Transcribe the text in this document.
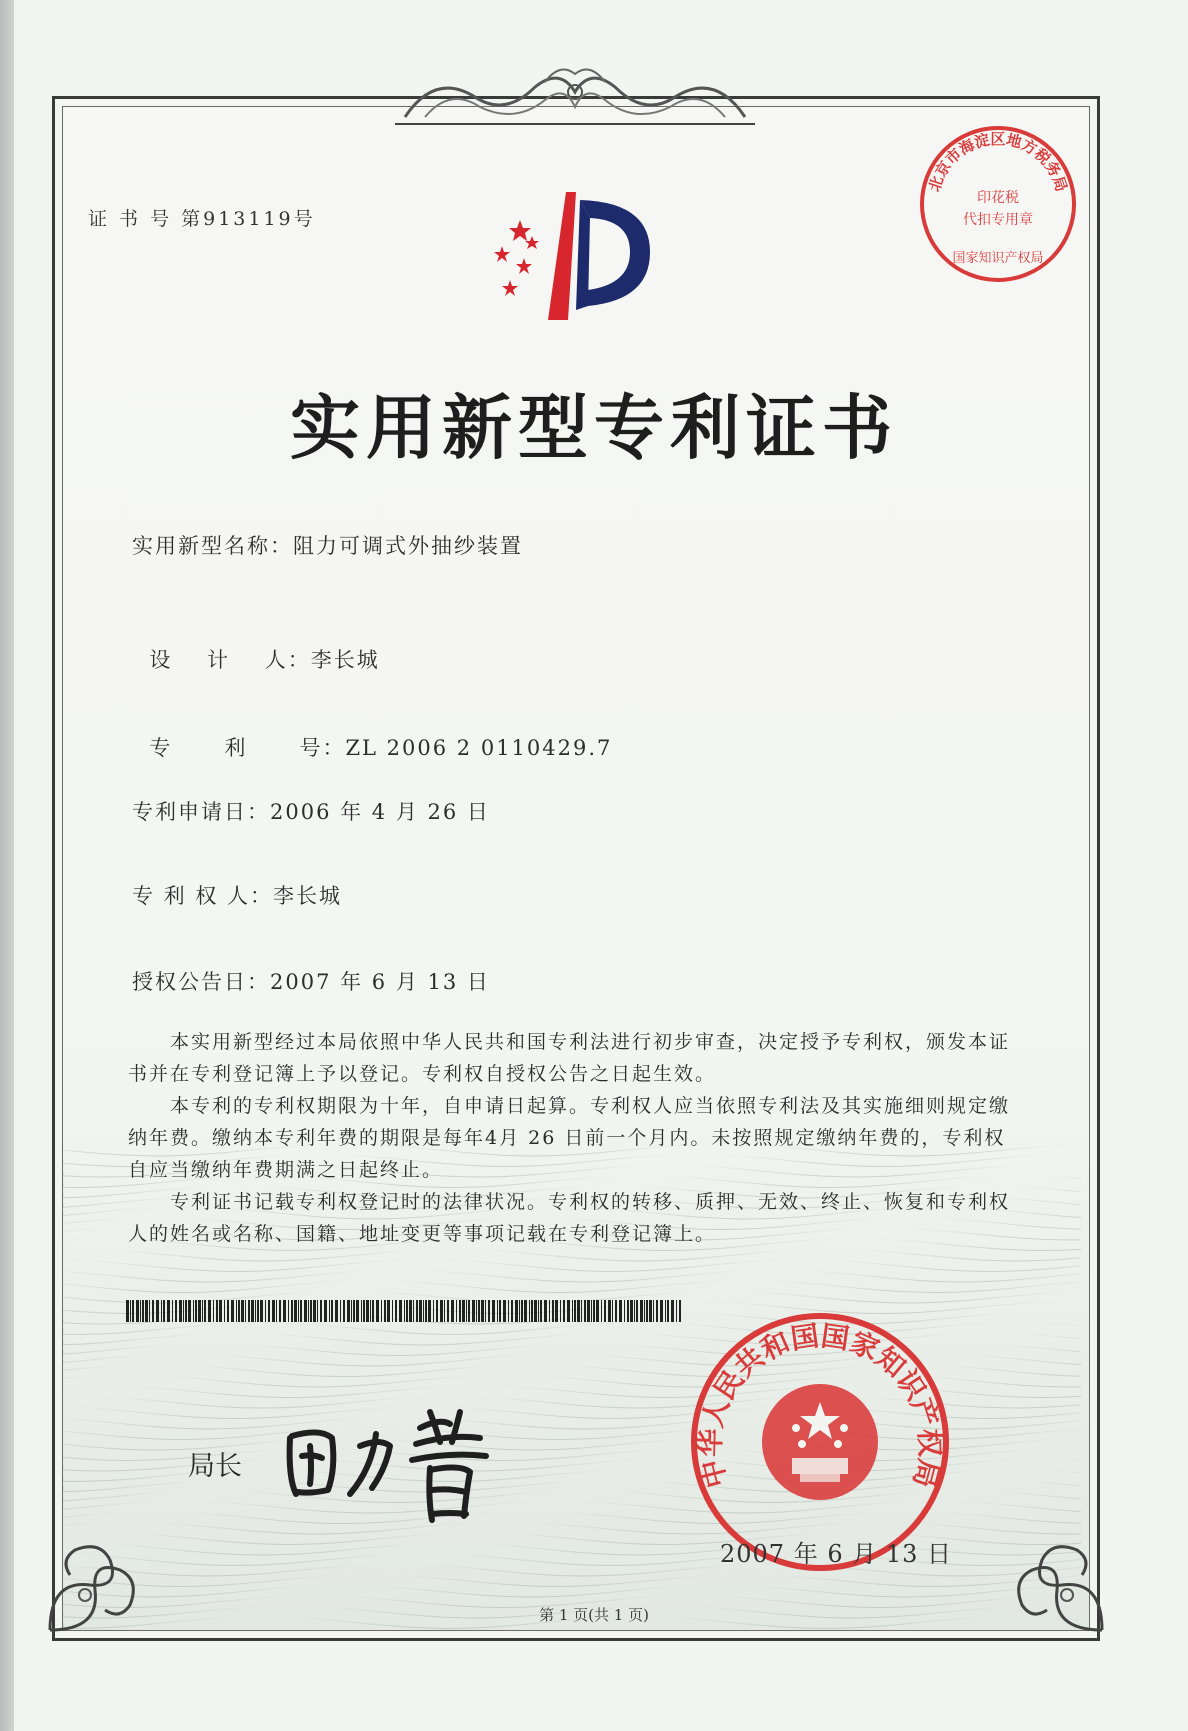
证 书 号 第913119号
北京市海淀区地方税务局
印花税
代扣专用章
国家知识产权局
实用新型专利证书
实用新型名称：阻力可调式外抽纱装置

设    计    人：李长城

专      利      号：ZL 2006 2 0110429.7

专利申请日：2006 年 4 月 26 日
专 利 权 人：李长城
授权公告日：2007 年 6 月 13 日

本实用新型经过本局依照中华人民共和国专利法进行初步审查，决定授予专利权，颁发本证书并在专利登记簿上予以登记。专利权自授权公告之日起生效。

本专利的专利权期限为十年，自申请日起算。专利权人应当依照专利法及其实施细则规定缴纳年费。缴纳本专利年费的期限是每年4月 26 日前一个月内。未按照规定缴纳年费的，专利权自应当缴纳年费期满之日起终止。

专利证书记载专利权登记时的法律状况。专利权的转移、质押、无效、终止、恢复和专利权人的姓名或名称、国籍、地址变更等事项记载在专利登记簿上。

局长	中华人民共和国国家知识产权局
2007 年 6 月 13 日
第 1 页(共 1 页)
